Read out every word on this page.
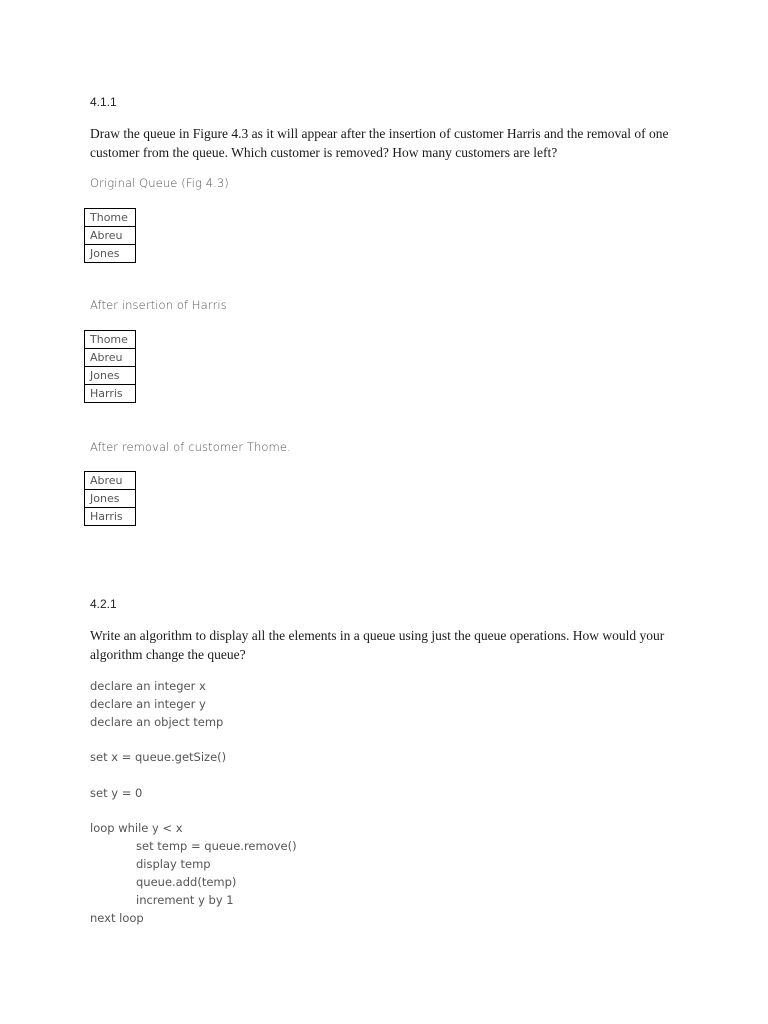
4.1.1
Draw the queue in Figure 4.3 as it will appear after the insertion of customer Harris and the removal of one
customer from the queue. Which customer is removed? How many customers are left?
Original Queue (Fig 4.3)
Thome
Abreu
Jones
After insertion of Harris
Thome
Abreu
Jones
Harris
After removal of customer Thome.
Abreu
Jones
Harris
4.2.1
Write an algorithm to display all the elements in a queue using just the queue operations. How would your
algorithm change the queue?
declare an integer x
declare an integer y
declare an object temp
set x = queue.getSize()
set y = 0
loop while y < x
set temp = queue.remove()
display temp
queue.add(temp)
increment y by 1
next loop
